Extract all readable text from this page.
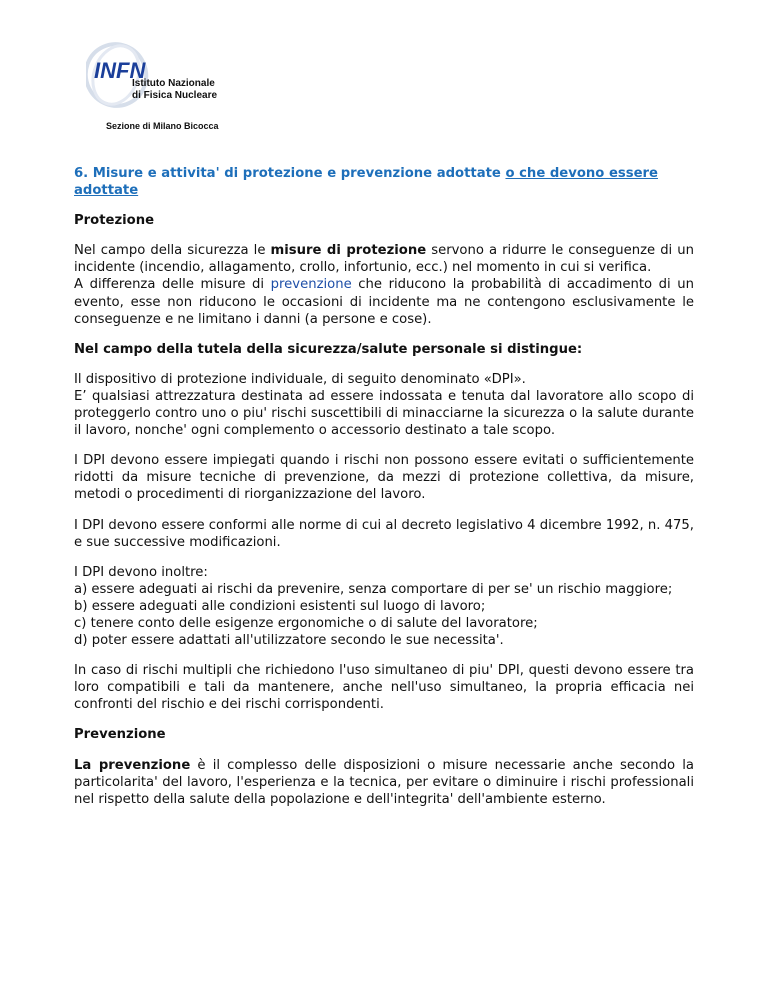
INFN
Istituto Nazionale
di Fisica Nucleare
Sezione di Milano Bicocca
6. Misure e attivita' di protezione e prevenzione adottate o che devono essere adottate
Protezione

Nel campo della sicurezza le misure di protezione servono a ridurre le conseguenze di un incidente (incendio, allagamento, crollo, infortunio, ecc.) nel momento in cui si verifica.
A differenza delle misure di prevenzione che riducono la probabilità di accadimento di un evento, esse non riducono le occasioni di incidente ma ne contengono esclusivamente le conseguenze e ne limitano i danni (a persone e cose).

Nel campo della tutela della sicurezza/salute personale si distingue:

Il dispositivo di protezione individuale, di seguito denominato «DPI».
E’ qualsiasi attrezzatura destinata ad essere indossata e tenuta dal lavoratore allo scopo di proteggerlo contro uno o piu' rischi suscettibili di minacciarne la sicurezza o la salute durante il lavoro, nonche' ogni complemento o accessorio destinato a tale scopo.

I DPI devono essere impiegati quando i rischi non possono essere evitati o sufficientemente ridotti da misure tecniche di prevenzione, da mezzi di protezione collettiva, da misure, metodi o procedimenti di riorganizzazione del lavoro.

I DPI devono essere conformi alle norme di cui al decreto legislativo 4 dicembre 1992, n. 475, e sue successive modificazioni.

I DPI devono inoltre:
a) essere adeguati ai rischi da prevenire, senza comportare di per se' un rischio maggiore;
b) essere adeguati alle condizioni esistenti sul luogo di lavoro;
c) tenere conto delle esigenze ergonomiche o di salute del lavoratore;
d) poter essere adattati all'utilizzatore secondo le sue necessita'.

In caso di rischi multipli che richiedono l'uso simultaneo di piu' DPI, questi devono essere tra loro compatibili e tali da mantenere, anche nell'uso simultaneo, la propria efficacia nei confronti del rischio e dei rischi corrispondenti.

Prevenzione

La prevenzione è il complesso delle disposizioni o misure necessarie anche secondo la particolarita' del lavoro, l'esperienza e la tecnica, per evitare o diminuire i rischi professionali nel rispetto della salute della popolazione e dell'integrita' dell'ambiente esterno.
